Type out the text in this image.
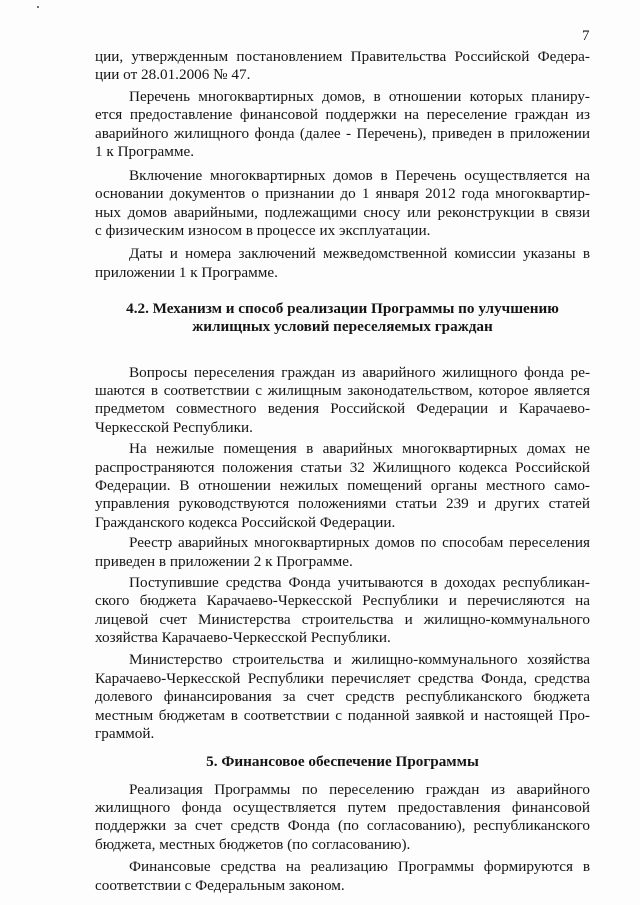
7
ции, утвержденным постановлением Правительства Российской Федера-
ции от 28.01.2006 № 47.
Перечень многоквартирных домов, в отношении которых планиру-
ется предоставление финансовой поддержки на переселение граждан из
аварийного жилищного фонда (далее - Перечень), приведен в приложении
1 к Программе.
Включение многоквартирных домов в Перечень осуществляется на
основании документов о признании до 1 января 2012 года многоквартир-
ных домов аварийными, подлежащими сносу или реконструкции в связи
с физическим износом в процессе их эксплуатации.
Даты и номера заключений межведомственной комиссии указаны в
приложении 1 к Программе.
4.2. Механизм и способ реализации Программы по улучшению
жилищных условий переселяемых граждан
Вопросы переселения граждан из аварийного жилищного фонда ре-
шаются в соответствии с жилищным законодательством, которое является
предметом совместного ведения Российской Федерации и Карачаево-
Черкесской Республики.
На нежилые помещения в аварийных многоквартирных домах не
распространяются положения статьи 32 Жилищного кодекса Российской
Федерации. В отношении нежилых помещений органы местного само-
управления руководствуются положениями статьи 239 и других статей
Гражданского кодекса Российской Федерации.
Реестр аварийных многоквартирных домов по способам переселения
приведен в приложении 2 к Программе.
Поступившие средства Фонда учитываются в доходах республикан-
ского бюджета Карачаево-Черкесской Республики и перечисляются на
лицевой счет Министерства строительства и жилищно-коммунального
хозяйства Карачаево-Черкесской Республики.
Министерство строительства и жилищно-коммунального хозяйства
Карачаево-Черкесской Республики перечисляет средства Фонда, средства
долевого финансирования за счет средств республиканского бюджета
местным бюджетам в соответствии с поданной заявкой и настоящей Про-
граммой.
5. Финансовое обеспечение Программы
Реализация Программы по переселению граждан из аварийного
жилищного фонда осуществляется путем предоставления финансовой
поддержки за счет средств Фонда (по согласованию), республиканского
бюджета, местных бюджетов (по согласованию).
Финансовые средства на реализацию Программы формируются в
соответствии с Федеральным законом.
